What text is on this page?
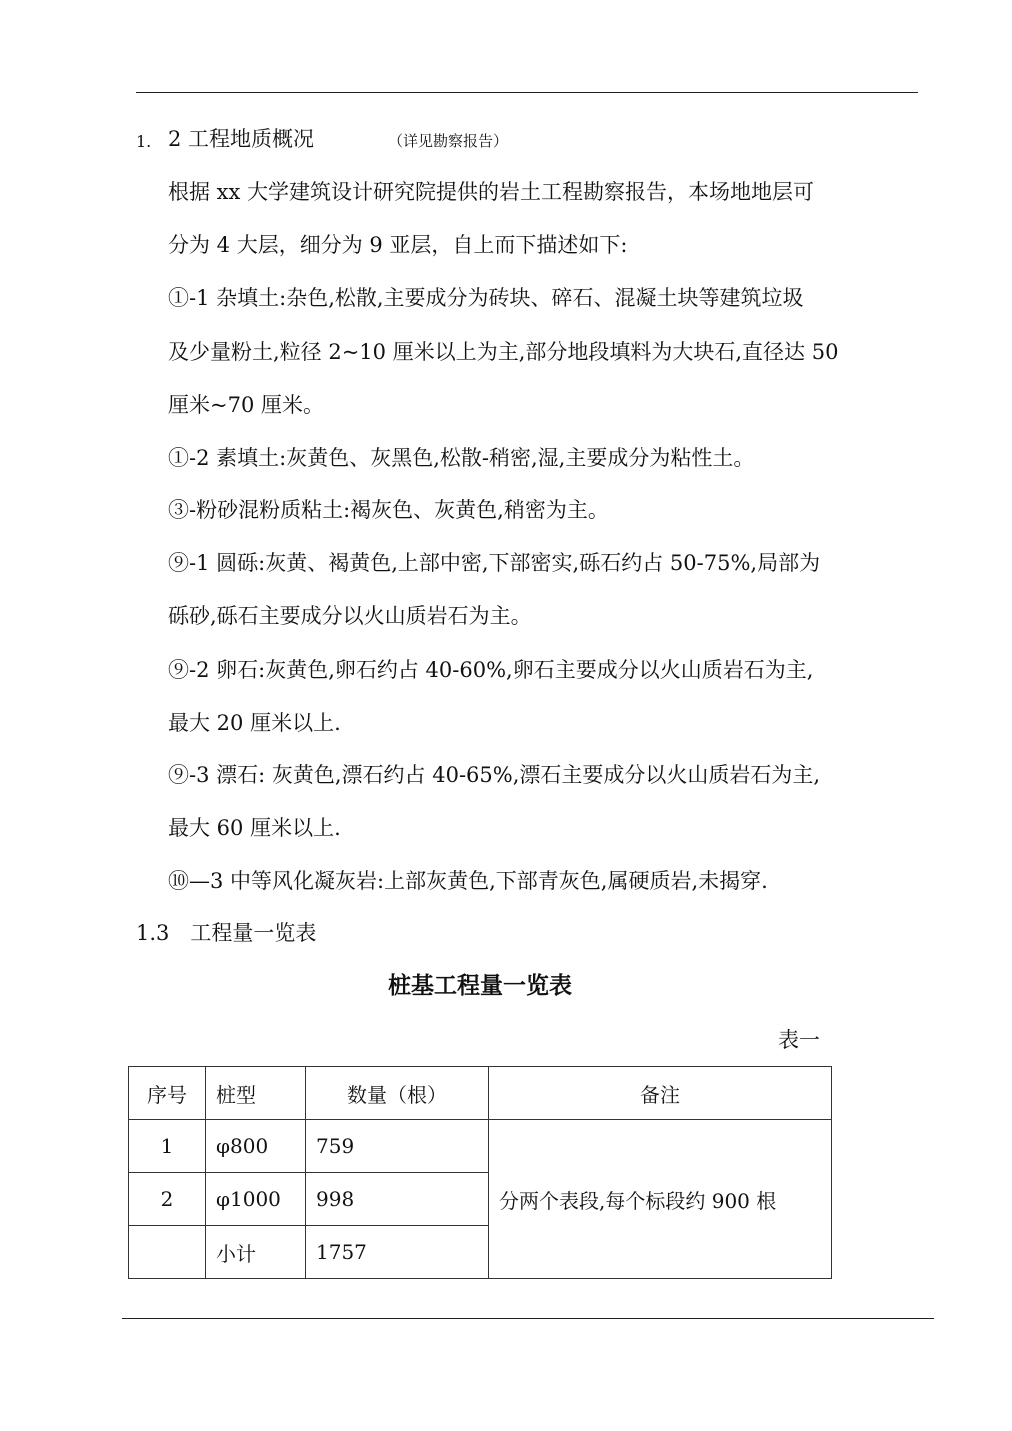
1. 2 工程地质概况	（详见勘察报告）
根据 xx 大学建筑设计研究院提供的岩土工程勘察报告，本场地地层可
分为 4 大层，细分为 9 亚层，自上而下描述如下:
①-1 杂填土:杂色,松散,主要成分为砖块、碎石、混凝土块等建筑垃圾
及少量粉土,粒径 2~10 厘米以上为主,部分地段填料为大块石,直径达 50
厘米~70 厘米。
①-2 素填土:灰黄色、灰黑色,松散-稍密,湿,主要成分为粘性土。
③-粉砂混粉质粘土:褐灰色、灰黄色,稍密为主。
⑨-1 圆砾:灰黄、褐黄色,上部中密,下部密实,砾石约占 50-75%,局部为
砾砂,砾石主要成分以火山质岩石为主。
⑨-2 卵石:灰黄色,卵石约占 40-60%,卵石主要成分以火山质岩石为主,
最大 20 厘米以上.
⑨-3 漂石: 灰黄色,漂石约占 40-65%,漂石主要成分以火山质岩石为主,
最大 60 厘米以上.
⑩—3 中等风化凝灰岩:上部灰黄色,下部青灰色,属硬质岩,未揭穿.
1.3　工程量一览表
桩基工程量一览表
表一
序号	桩型	数量（根）	备注
1	φ800	759	分两个表段,每个标段约 900 根
2	φ1000	998	
	小计	1757	
